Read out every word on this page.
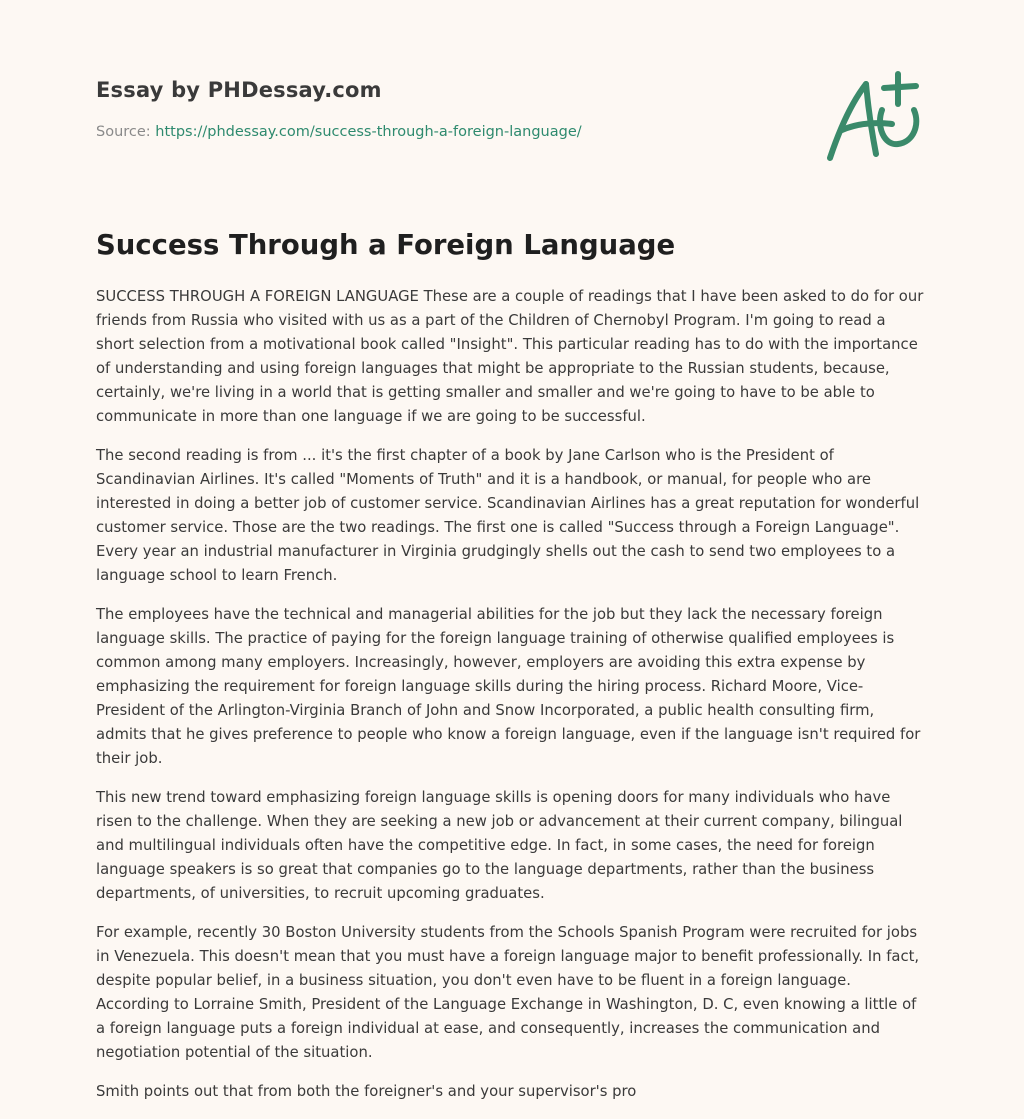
Essay by PHDessay.com
Source: https://phdessay.com/success-through-a-foreign-language/
Success Through a Foreign Language

SUCCESS THROUGH A FOREIGN LANGUAGE These are a couple of readings that I have been asked to do for our friends from Russia who visited with us as a part of the Children of Chernobyl Program. I'm going to read a short selection from a motivational book called "Insight". This particular reading has to do with the importance of understanding and using foreign languages that might be appropriate to the Russian students, because, certainly, we're living in a world that is getting smaller and smaller and we're going to have to be able to communicate in more than one language if we are going to be successful.

The second reading is from ... it's the first chapter of a book by Jane Carlson who is the President of Scandinavian Airlines. It's called "Moments of Truth" and it is a handbook, or manual, for people who are interested in doing a better job of customer service. Scandinavian Airlines has a great reputation for wonderful customer service. Those are the two readings. The first one is called "Success through a Foreign Language". Every year an industrial manufacturer in Virginia grudgingly shells out the cash to send two employees to a language school to learn French.

The employees have the technical and managerial abilities for the job but they lack the necessary foreign language skills. The practice of paying for the foreign language training of otherwise qualified employees is common among many employers. Increasingly, however, employers are avoiding this extra expense by emphasizing the requirement for foreign language skills during the hiring process. Richard Moore, Vice-President of the Arlington-Virginia Branch of John and Snow Incorporated, a public health consulting firm, admits that he gives preference to people who know a foreign language, even if the language isn't required for their job.

This new trend toward emphasizing foreign language skills is opening doors for many individuals who have risen to the challenge. When they are seeking a new job or advancement at their current company, bilingual and multilingual individuals often have the competitive edge. In fact, in some cases, the need for foreign language speakers is so great that companies go to the language departments, rather than the business departments, of universities, to recruit upcoming graduates.

For example, recently 30 Boston University students from the Schools Spanish Program were recruited for jobs in Venezuela. This doesn't mean that you must have a foreign language major to benefit professionally. In fact, despite popular belief, in a business situation, you don't even have to be fluent in a foreign language. According to Lorraine Smith, President of the Language Exchange in Washington, D. C, even knowing a little of a foreign language puts a foreign individual at ease, and consequently, increases the communication and negotiation potential of the situation.

Smith points out that from both the foreigner's and your supervisor's pro
